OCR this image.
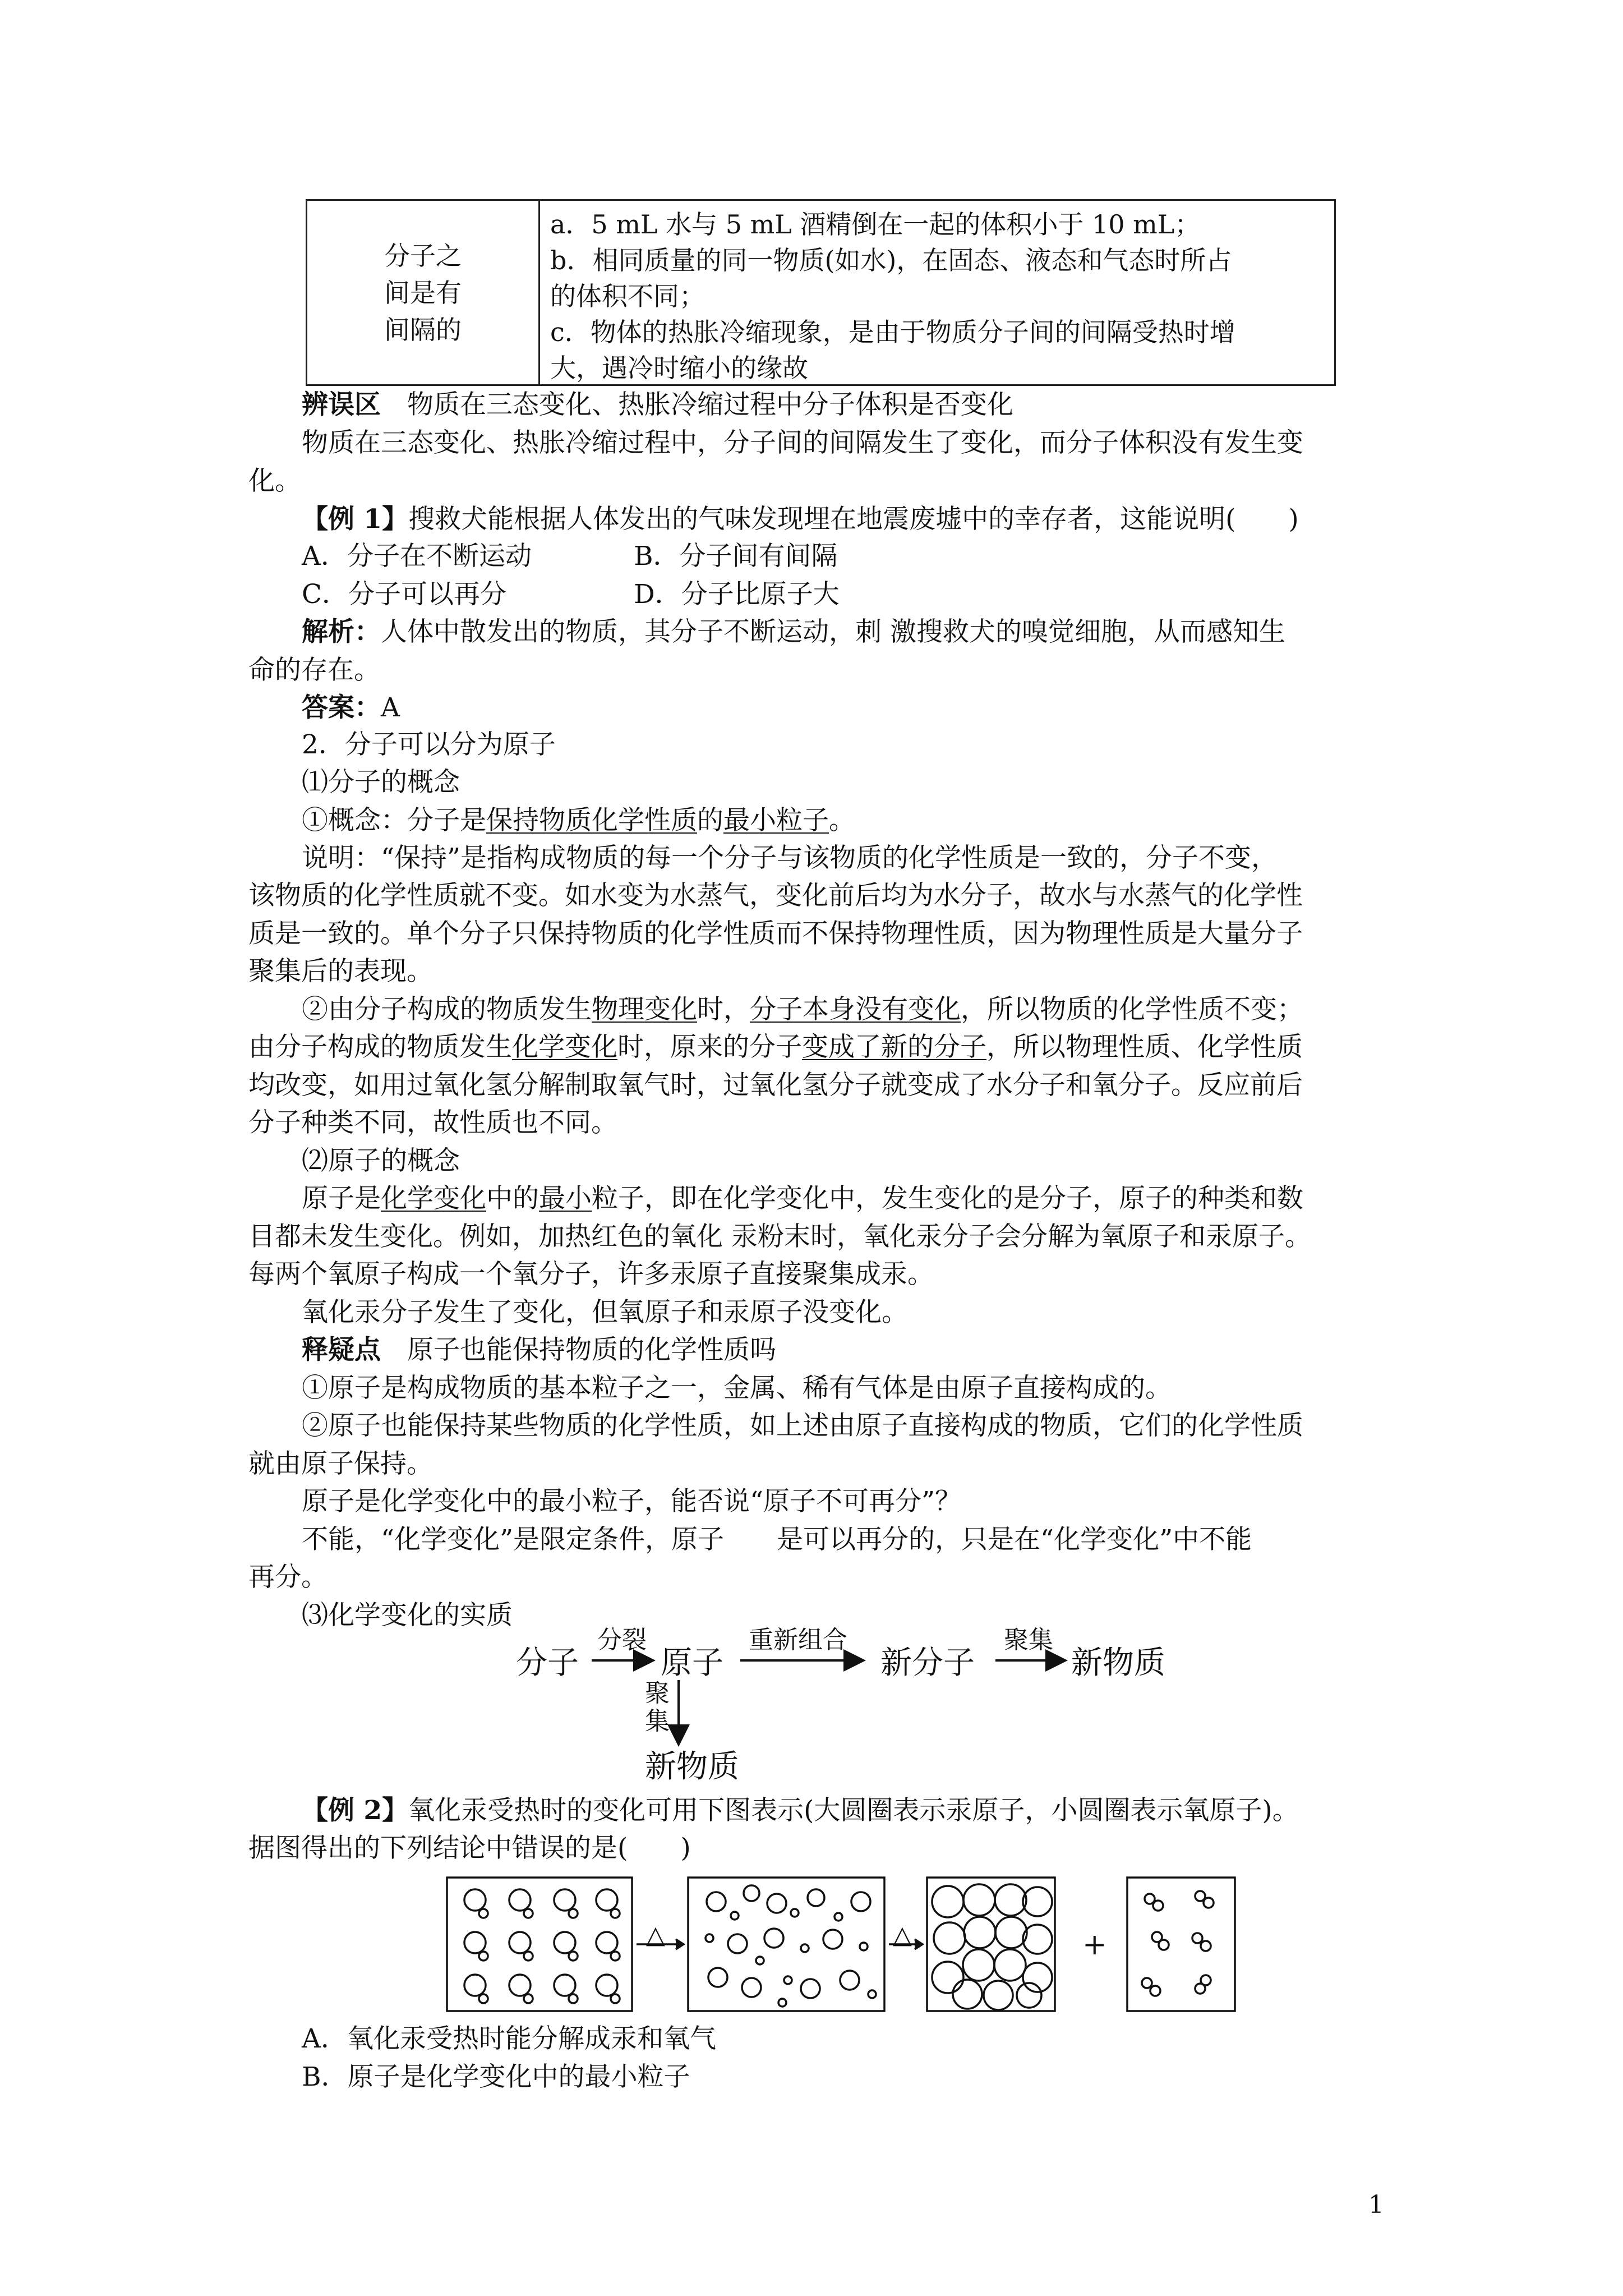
分子之
间是有
间隔的
a．5 mL 水与 5 mL 酒精倒在一起的体积小于 10 mL；
b．相同质量的同一物质(如水)，在固态、液态和气态时所占
的体积不同；
c．物体的热胀冷缩现象，是由于物质分子间的间隔受热时增
大，遇冷时缩小的缘故
辨误区　 物质在三态变化、热胀冷缩过程中分子体积是否变化
物质在三态变化、热胀冷缩过程中，分子间的间隔发生了变化，而分子体积没有发生变
化。
【例 1】搜救犬能根据人体发出的气味发现埋在地震废墟中的幸存者，这能说明(　　)
A．分子在不断运动	B．分子间有间隔
C．分子可以再分	D．分子比原子大
解析：人体中散发出的物质，其分子不断运动，刺 激搜救犬的嗅觉细胞，从而感知生
命的存在。
答案：A
2．分子可以分为原子
⑴分子的概念
①概念：分子是保持物质化学性质的最小粒子。
说明：“保持”是指构成物质的每一个分子与该物质的化学性质是一致的，分子不变，
该物质的化学性质就不变。如水变为水蒸气，变化前后均为水分子，故水与水蒸气的化学性
质是一致的。单个分子只保持物质的化学性质而不保持物理性质，因为物理性质是大量分子
聚集后的表现。
②由分子构成的物质发生物理变化时，分子本身没有变化，所以物质的化学性质不变；
由分子构成的物质发生化学变化时，原来的分子变成了新的分子，所以物理性质、化学性质
均改变，如用过氧化氢分解制取氧气时，过氧化氢分子就变成了水分子和氧分子。反应前后
分子种类不同，故性质也不同。
⑵原子的概念
原子是化学变化中的最小粒子，即在化学变化中，发生变化的是分子，原子的种类和数
目都未发生变化。例如，加热红色的氧化 汞粉末时，氧化汞分子会分解为氧原子和汞原子。
每两个氧原子构成一个氧分子，许多汞原子直接聚集成汞。
氧化汞分子发生了变化，但氧原子和汞原子没变化。
释疑点　 原子也能保持物质的化学性质吗
①原子是构成物质的基本粒子之一，金属、稀有气体是由原子直接构成的。
②原子也能保持某些物质的化学性质，如上述由原子直接构成的物质，它们的化学性质
就由原子保持。
原子是化学变化中的最小粒子，能否说“原子不可再分”？
不能，“化学变化”是限定条件，原子　　是可以再分的，只是在“化学变化”中不能
再分。
⑶化学变化的实质
分子
分裂
原子
重新组合
新分子
聚集
新物质
聚
集
新物质
【例 2】氧化汞受热时的变化可用下图表示(大圆圈表示汞原子，小圆圈表示氧原子)。
据图得出的下列结论中错误的是(　　)
△	△	+
A．氧化汞受热时能分解成汞和氧气
B．原子是化学变化中的最小粒子
1
